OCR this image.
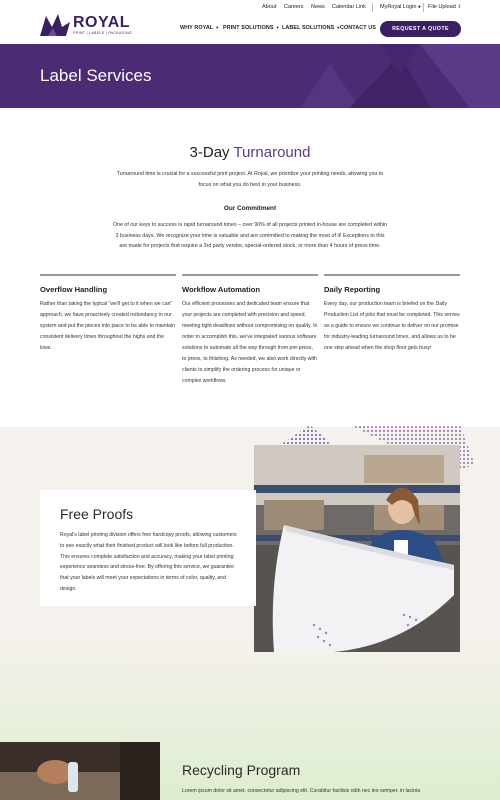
About Careers News Calendar Link	MyRoyal Login ● File Upload ⇪
ROYAL
PRINT | LABELS | PACKAGING
WHY ROYAL ▼ PRINT SOLUTIONS ▼ LABEL SOLUTIONS ▼ CONTACT US	REQUEST A QUOTE
Label Services
3-Day Turnaround
Turnaround time is crucial for a successful print project. At Royal, we prioritize your printing needs, allowing you to focus on what you do best in your business.
Our Commitment
One of our keys to success is rapid turnaround times – over 90% of all projects printed in-house are completed within 3 business days. We recognize your time is valuable and are committed to making the most of it! Exceptions to this are made for projects that require a 3rd party vendor, special-ordered stock, or more than 4 hours of press time.
Overflow Handling
Rather than taking the typical “we'll get to it when we can” approach, we have proactively created redundancy in our system and put the pieces into place to be able to maintain consistent delivery times throughout the highs and the lows.
Workflow Automation
Our efficient processes and dedicated team ensure that your projects are completed with precision and speed, meeting tight deadlines without compromising on quality. In order to accomplish this, we've integrated various software solutions to automate all the way through from pre-press, to press, to finishing. As needed, we also work directly with clients to simplify the ordering process for unique or complex workflows.
Daily Reporting
Every day, our production team is briefed on the Daily Production List of jobs that must be completed. This serves as a guide to ensure we continue to deliver on our promise for industry-leading turnaround times, and allows us to be one step ahead when the shop floor gets busy!
Free Proofs
Royal's label printing division offers free hardcopy proofs, allowing customers to see exactly what their finished product will look like before full production. This ensures complete satisfaction and accuracy, making your label printing experience seamless and stress-free. By offering this service, we guarantee that your labels will meet your expectations in terms of color, quality, and design.
Recycling Program
Lorem ipsum dolor sit amet, consectetur adipiscing elit. Curabitur facilisis nibh nec leo semper, in lacinia
